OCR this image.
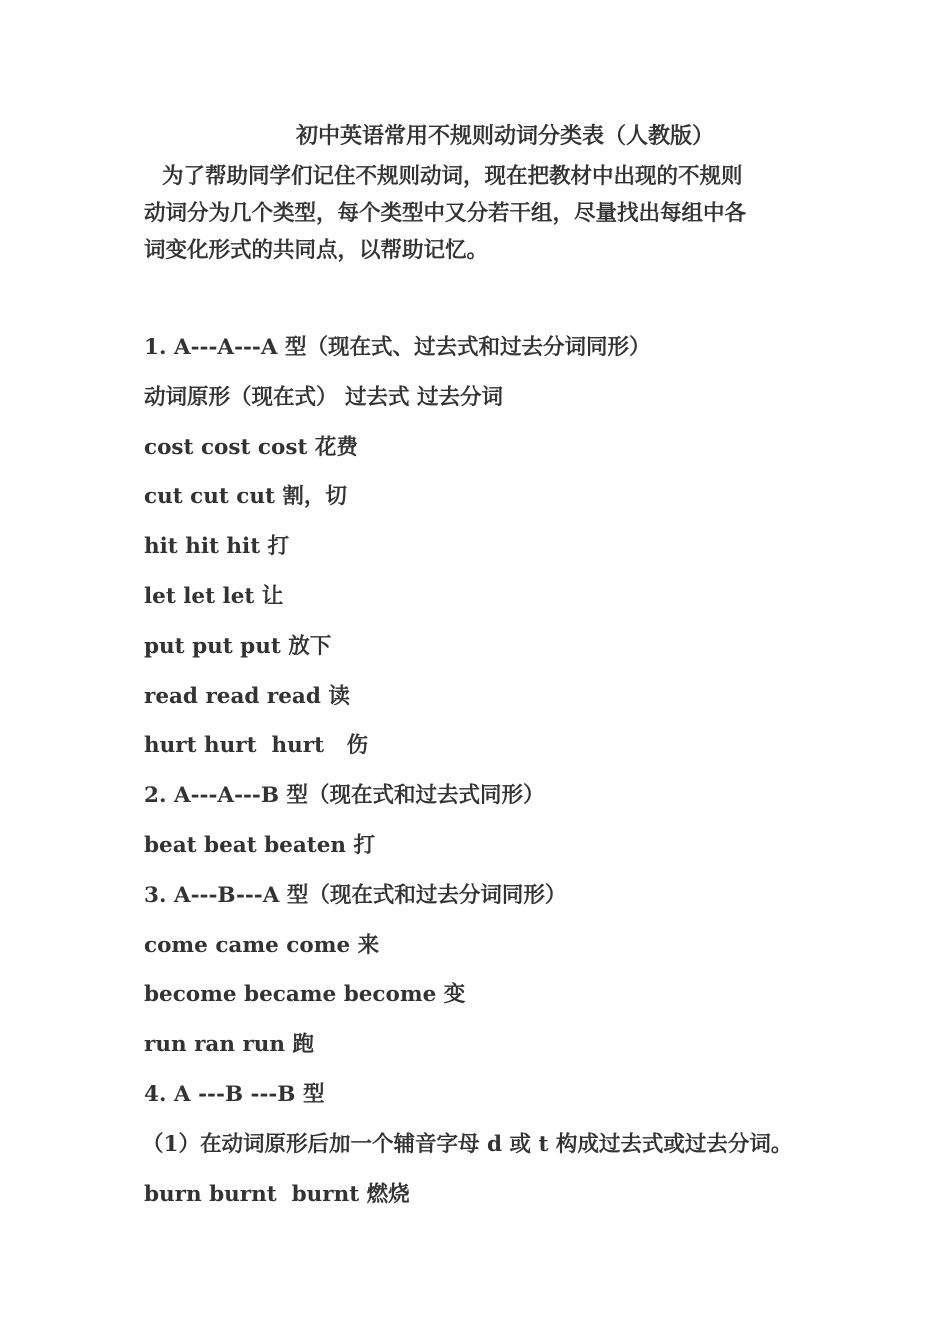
初中英语常用不规则动词分类表（人教版）
为了帮助同学们记住不规则动词，现在把教材中出现的不规则
动词分为几个类型，每个类型中又分若干组，尽量找出每组中各
词变化形式的共同点，以帮助记忆。
1. A---A---A 型（现在式、过去式和过去分词同形）
动词原形（现在式） 过去式 过去分词
cost cost cost 花费
cut cut cut 割，切
hit hit hit 打
let let let 让
put put put 放下
read read read 读
hurt hurt  hurt   伤
2. A---A---B 型（现在式和过去式同形）
beat beat beaten 打
3. A---B---A 型（现在式和过去分词同形）
come came come 来
become became become 变
run ran run 跑
4. A ---B ---B 型
（1）在动词原形后加一个辅音字母 d 或 t 构成过去式或过去分词。
burn burnt  burnt 燃烧
